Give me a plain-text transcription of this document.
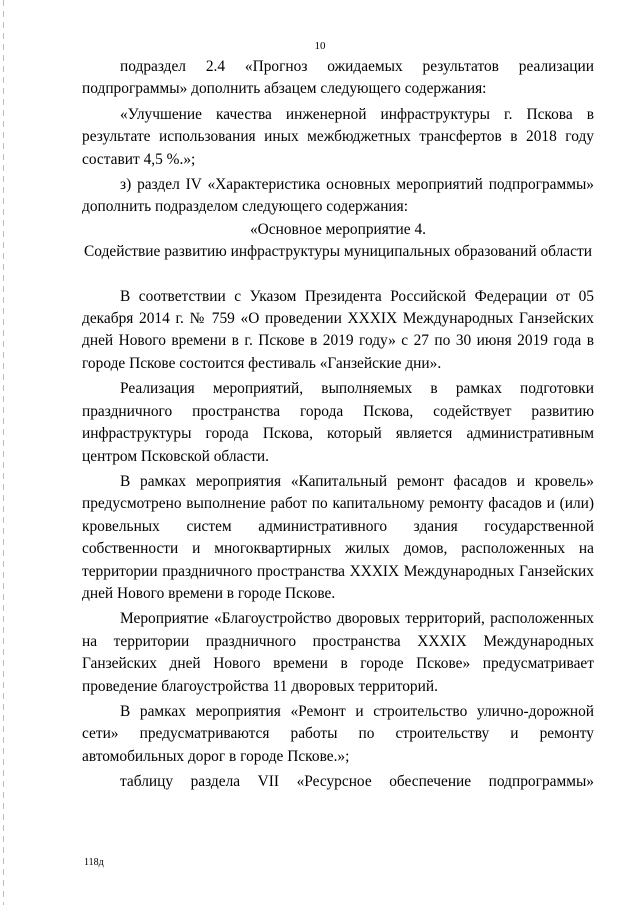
10

подраздел 2.4 «Прогноз ожидаемых результатов реализации подпрограммы» дополнить абзацем следующего содержания:

«Улучшение качества инженерной инфраструктуры г. Пскова в результате использования иных межбюджетных трансфертов в 2018 году составит 4,5 %.»;

з) раздел IV «Характеристика основных мероприятий подпрограммы» дополнить подразделом следующего содержания:

«Основное мероприятие 4.

Содействие развитию инфраструктуры муниципальных образований области

В соответствии с Указом Президента Российской Федерации от 05 декабря 2014 г. № 759 «О проведении XXXIX Международных Ганзейских дней Нового времени в г. Пскове в 2019 году» с 27 по 30 июня 2019 года в городе Пскове состоится фестиваль «Ганзейские дни».

Реализация мероприятий, выполняемых в рамках подготовки праздничного пространства города Пскова, содействует развитию инфраструктуры города Пскова, который является административным центром Псковской области.

В рамках мероприятия «Капитальный ремонт фасадов и кровель» предусмотрено выполнение работ по капитальному ремонту фасадов и (или) кровельных систем административного здания государственной собственности и многоквартирных жилых домов, расположенных на территории праздничного пространства XXXIX Международных Ганзейских дней Нового времени в городе Пскове.

Мероприятие «Благоустройство дворовых территорий, расположенных на территории праздничного пространства XXXIX Международных Ганзейских дней Нового времени в городе Пскове» предусматривает проведение благоустройства 11 дворовых территорий.

В рамках мероприятия «Ремонт и строительство улично-дорожной сети» предусматриваются работы по строительству и ремонту автомобильных дорог в городе Пскове.»;

таблицу раздела VII «Ресурсное обеспечение подпрограммы»

118д
